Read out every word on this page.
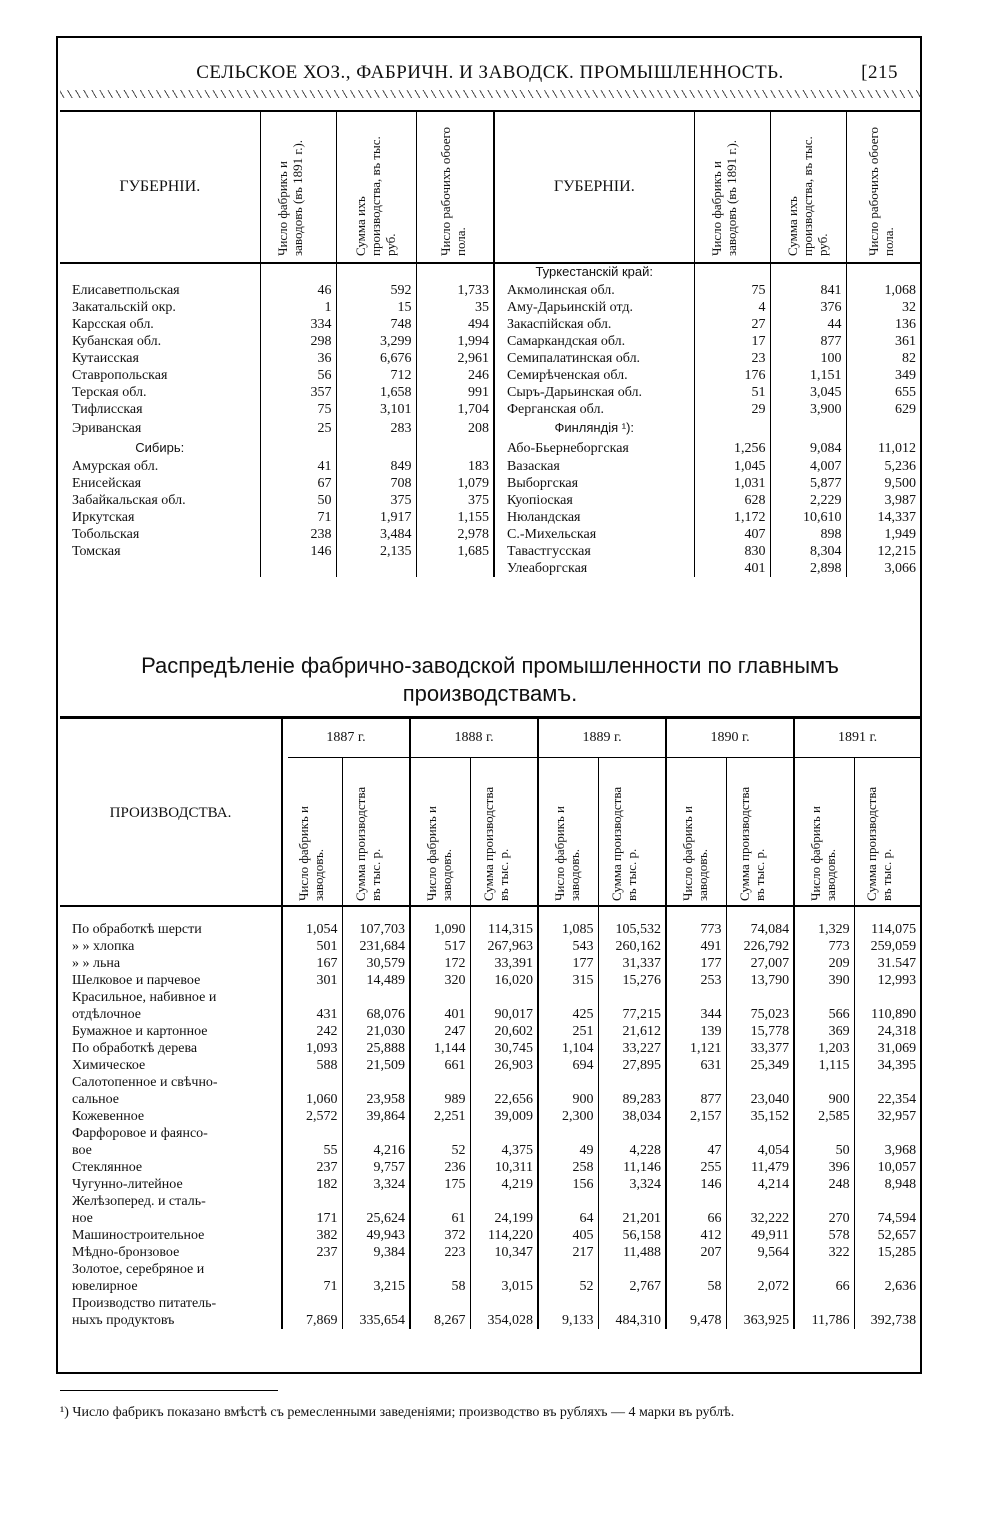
СЕЛЬСКОЕ ХОЗ., ФАБРИЧН. И ЗАВОДСК. ПРОМЫШЛЕННОСТЬ.	[215
ГУБЕРНIИ.	Число фабрикъ и заводовъ (въ 1891 г.).	Сумма ихъ производства, въ тыс. руб.	Число рабочихъ обоего пола.	ГУБЕРНIИ.	Число фабрикъ и заводовъ (въ 1891 г.).	Сумма ихъ производства, въ тыс. руб.	Число рабочихъ обоего пола.

				Туркестанскiй край:			
Елисаветпольская	46	592	1,733	Акмолинская обл.	75	841	1,068
Закатальскiй окр.	1	15	35	Аму-Дарьинскiй отд.	4	376	32
Карсская обл.	334	748	494	Закаспiйская обл.	27	44	136
Кубанская обл.	298	3,299	1,994	Самаркандская обл.	17	877	361
Кутаисская	36	6,676	2,961	Семипалатинская обл.	23	100	82
Ставропольская	56	712	246	Семирѣченская обл.	176	1,151	349
Терская обл.	357	1,658	991	Сыръ-Дарьинская обл.	51	3,045	655
Тифлисская	75	3,101	1,704	Ферганская обл.	29	3,900	629
Эриванская	25	283	208	Финляндiя ¹):			
Сибирь:				Або-Бьернеборгская	1,256	9,084	11,012
Амурская обл.	41	849	183	Вазаская	1,045	4,007	5,236
Енисейская	67	708	1,079	Выборгская	1,031	5,877	9,500
Забайкальская обл.	50	375	375	Куопioская	628	2,229	3,987
Иркутская	71	1,917	1,155	Нюландская	1,172	10,610	14,337
Тобольская	238	3,484	2,978	С.-Михельская	407	898	1,949
Томская	146	2,135	1,685	Тавастгусская	830	8,304	12,215
				Улеаборгская	401	2,898	3,066
Распредѣленiе фабрично-заводской промышленности по главнымъ производствамъ.
ПРОИЗВОДСТВА.	1887 г.		1888 г.		1889 г.		1890 г.		1891 г.	

	Число фабрикъ и заводовъ.	Сумма производства въ тыс. р.	Число фабрикъ и заводовъ.	Сумма производства въ тыс. р.	Число фабрикъ и заводовъ.	Сумма производства въ тыс. р.	Число фабрикъ и заводовъ.	Сумма производства въ тыс. р.	Число фабрикъ и заводовъ.	Сумма производства въ тыс. р.

По обработкѣ шерсти	1,054	107,703	1,090	114,315	1,085	105,532	773	74,084	1,329	114,075
» » хлопка	501	231,684	517	267,963	543	260,162	491	226,792	773	259,059
» » льна	167	30,579	172	33,391	177	31,337	177	27,007	209	31.547
Шелковое и парчевое	301	14,489	320	16,020	315	15,276	253	13,790	390	12,993
Красильное, набивное и										
отдѣлочное	431	68,076	401	90,017	425	77,215	344	75,023	566	110,890
Бумажное и картонное	242	21,030	247	20,602	251	21,612	139	15,778	369	24,318
По обработкѣ дерева	1,093	25,888	1,144	30,745	1,104	33,227	1,121	33,377	1,203	31,069
Химическое	588	21,509	661	26,903	694	27,895	631	25,349	1,115	34,395
Салотопенное и свѣчно-										
сальное	1,060	23,958	989	22,656	900	89,283	877	23,040	900	22,354
Кожевенное	2,572	39,864	2,251	39,009	2,300	38,034	2,157	35,152	2,585	32,957
Фарфоровое и фаянсо-										
вое	55	4,216	52	4,375	49	4,228	47	4,054	50	3,968
Стеклянное	237	9,757	236	10,311	258	11,146	255	11,479	396	10,057
Чугунно-литейное	182	3,324	175	4,219	156	3,324	146	4,214	248	8,948
Желѣзоперед. и сталь-										
ное	171	25,624	61	24,199	64	21,201	66	32,222	270	74,594
Машиностроительное	382	49,943	372	114,220	405	56,158	412	49,911	578	52,657
Мѣдно-бронзовое	237	9,384	223	10,347	217	11,488	207	9,564	322	15,285
Золотое, серебряное и										
ювелирное	71	3,215	58	3,015	52	2,767	58	2,072	66	2,636
Производство питатель-										
ныхъ продуктовъ	7,869	335,654	8,267	354,028	9,133	484,310	9,478	363,925	11,786	392,738
¹) Число фабрикъ показано вмѣстѣ съ ремесленными заведенiями; производство въ рубляхъ — 4 марки въ рублѣ.
